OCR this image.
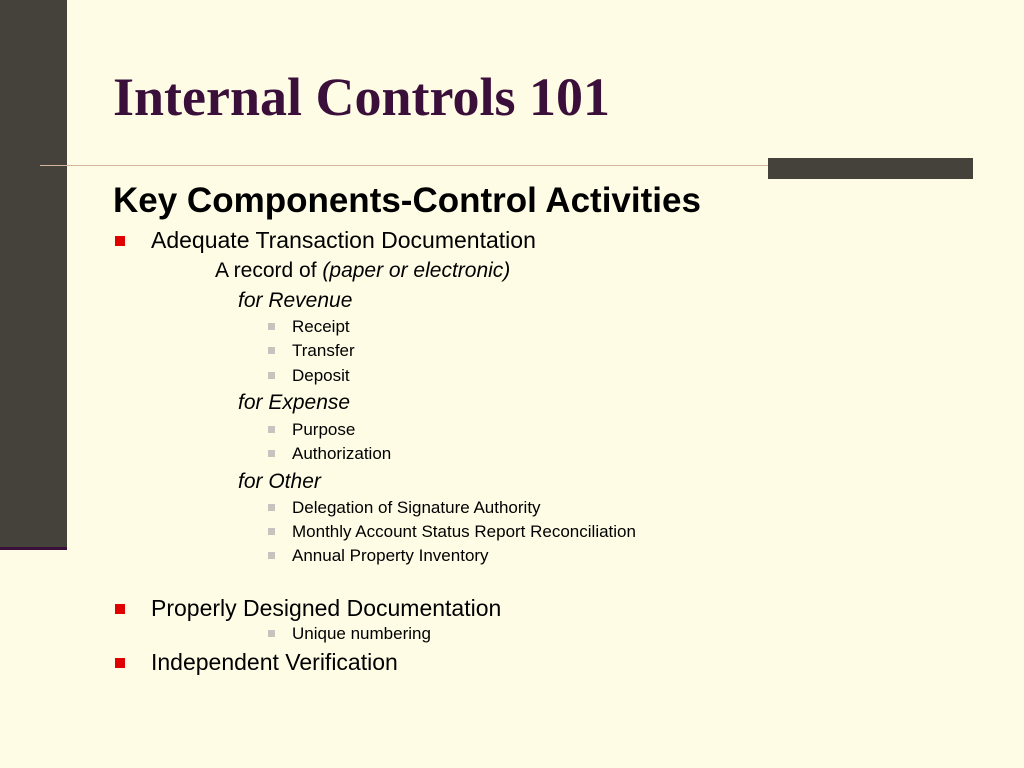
Internal Controls 101
Key Components-Control Activities
Adequate Transaction Documentation
A record of (paper or electronic)
for Revenue
Receipt
Transfer
Deposit
for Expense
Purpose
Authorization
for Other
Delegation of Signature Authority
Monthly Account Status Report Reconciliation
Annual Property Inventory
Properly Designed Documentation
Unique numbering
Independent Verification
